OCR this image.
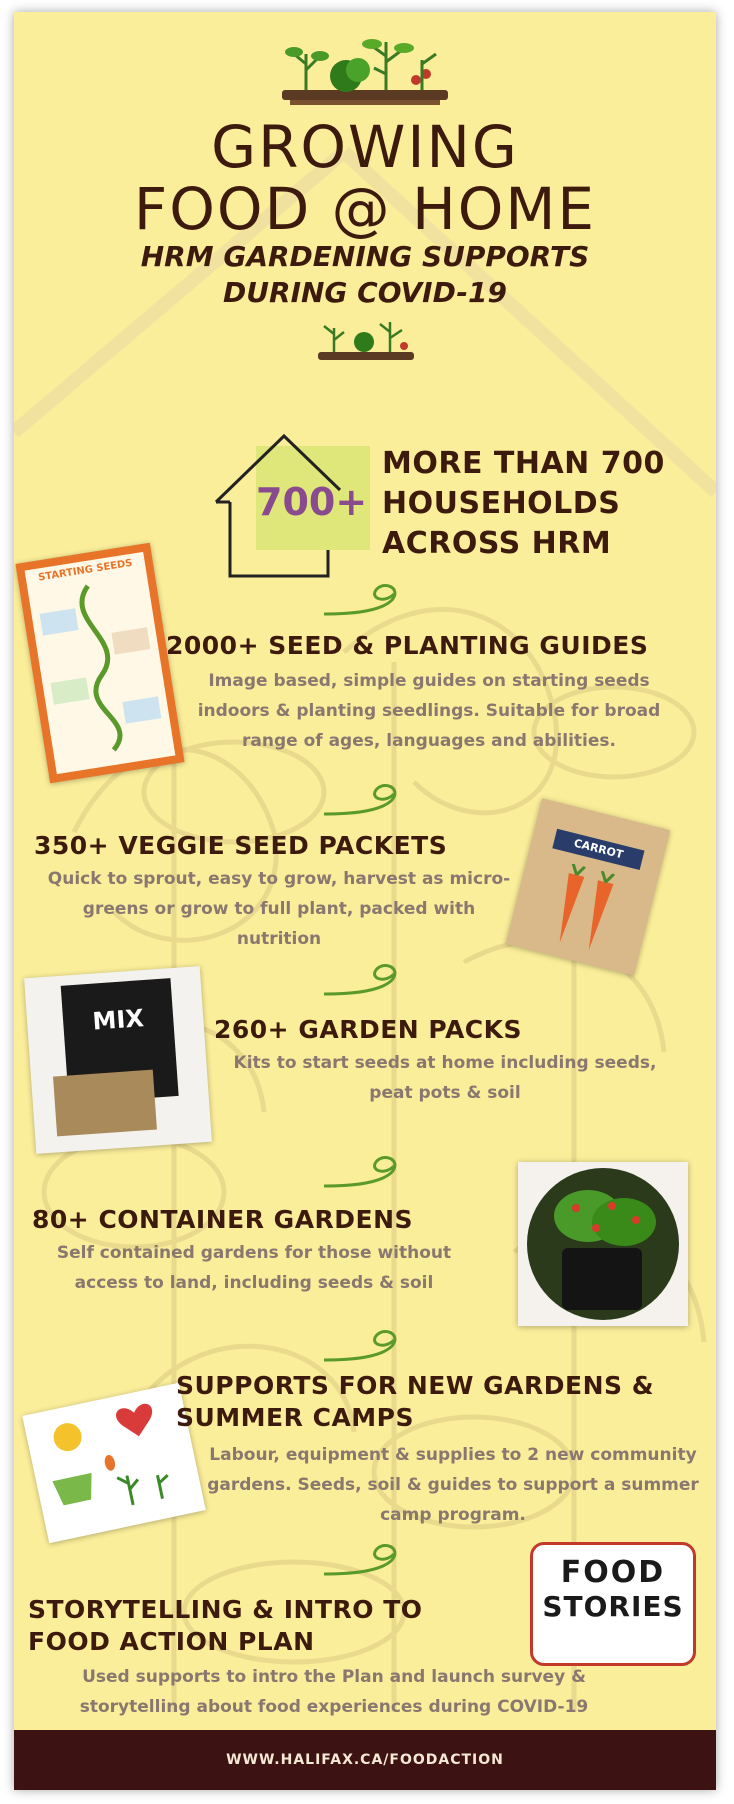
GROWING
FOOD @ HOME
HRM GARDENING SUPPORTS
DURING COVID-19
700+
MORE THAN 700
HOUSEHOLDS
ACROSS HRM
STARTING SEEDS
2000+ SEED & PLANTING GUIDES
Image based, simple guides on starting seeds
indoors & planting seedlings. Suitable for broad
range of ages, languages and abilities.
350+ VEGGIE SEED PACKETS
Quick to sprout, easy to grow, harvest as micro-
greens or grow to full plant, packed with
nutrition
CARROT
MIX	260+ GARDEN PACKS
Kits to start seeds at home including seeds,
peat pots & soil
80+ CONTAINER GARDENS
Self contained gardens for those without
access to land, including seeds & soil
SUPPORTS FOR NEW GARDENS &
SUMMER CAMPS
Labour, equipment & supplies to 2 new community
gardens. Seeds, soil & guides to support a summer
camp program.
STORYTELLING & INTRO TO
FOOD ACTION PLAN
Used supports to intro the Plan and launch survey &
storytelling about food experiences during COVID-19
FOOD
STORIES
WWW.HALIFAX.CA/FOODACTION
